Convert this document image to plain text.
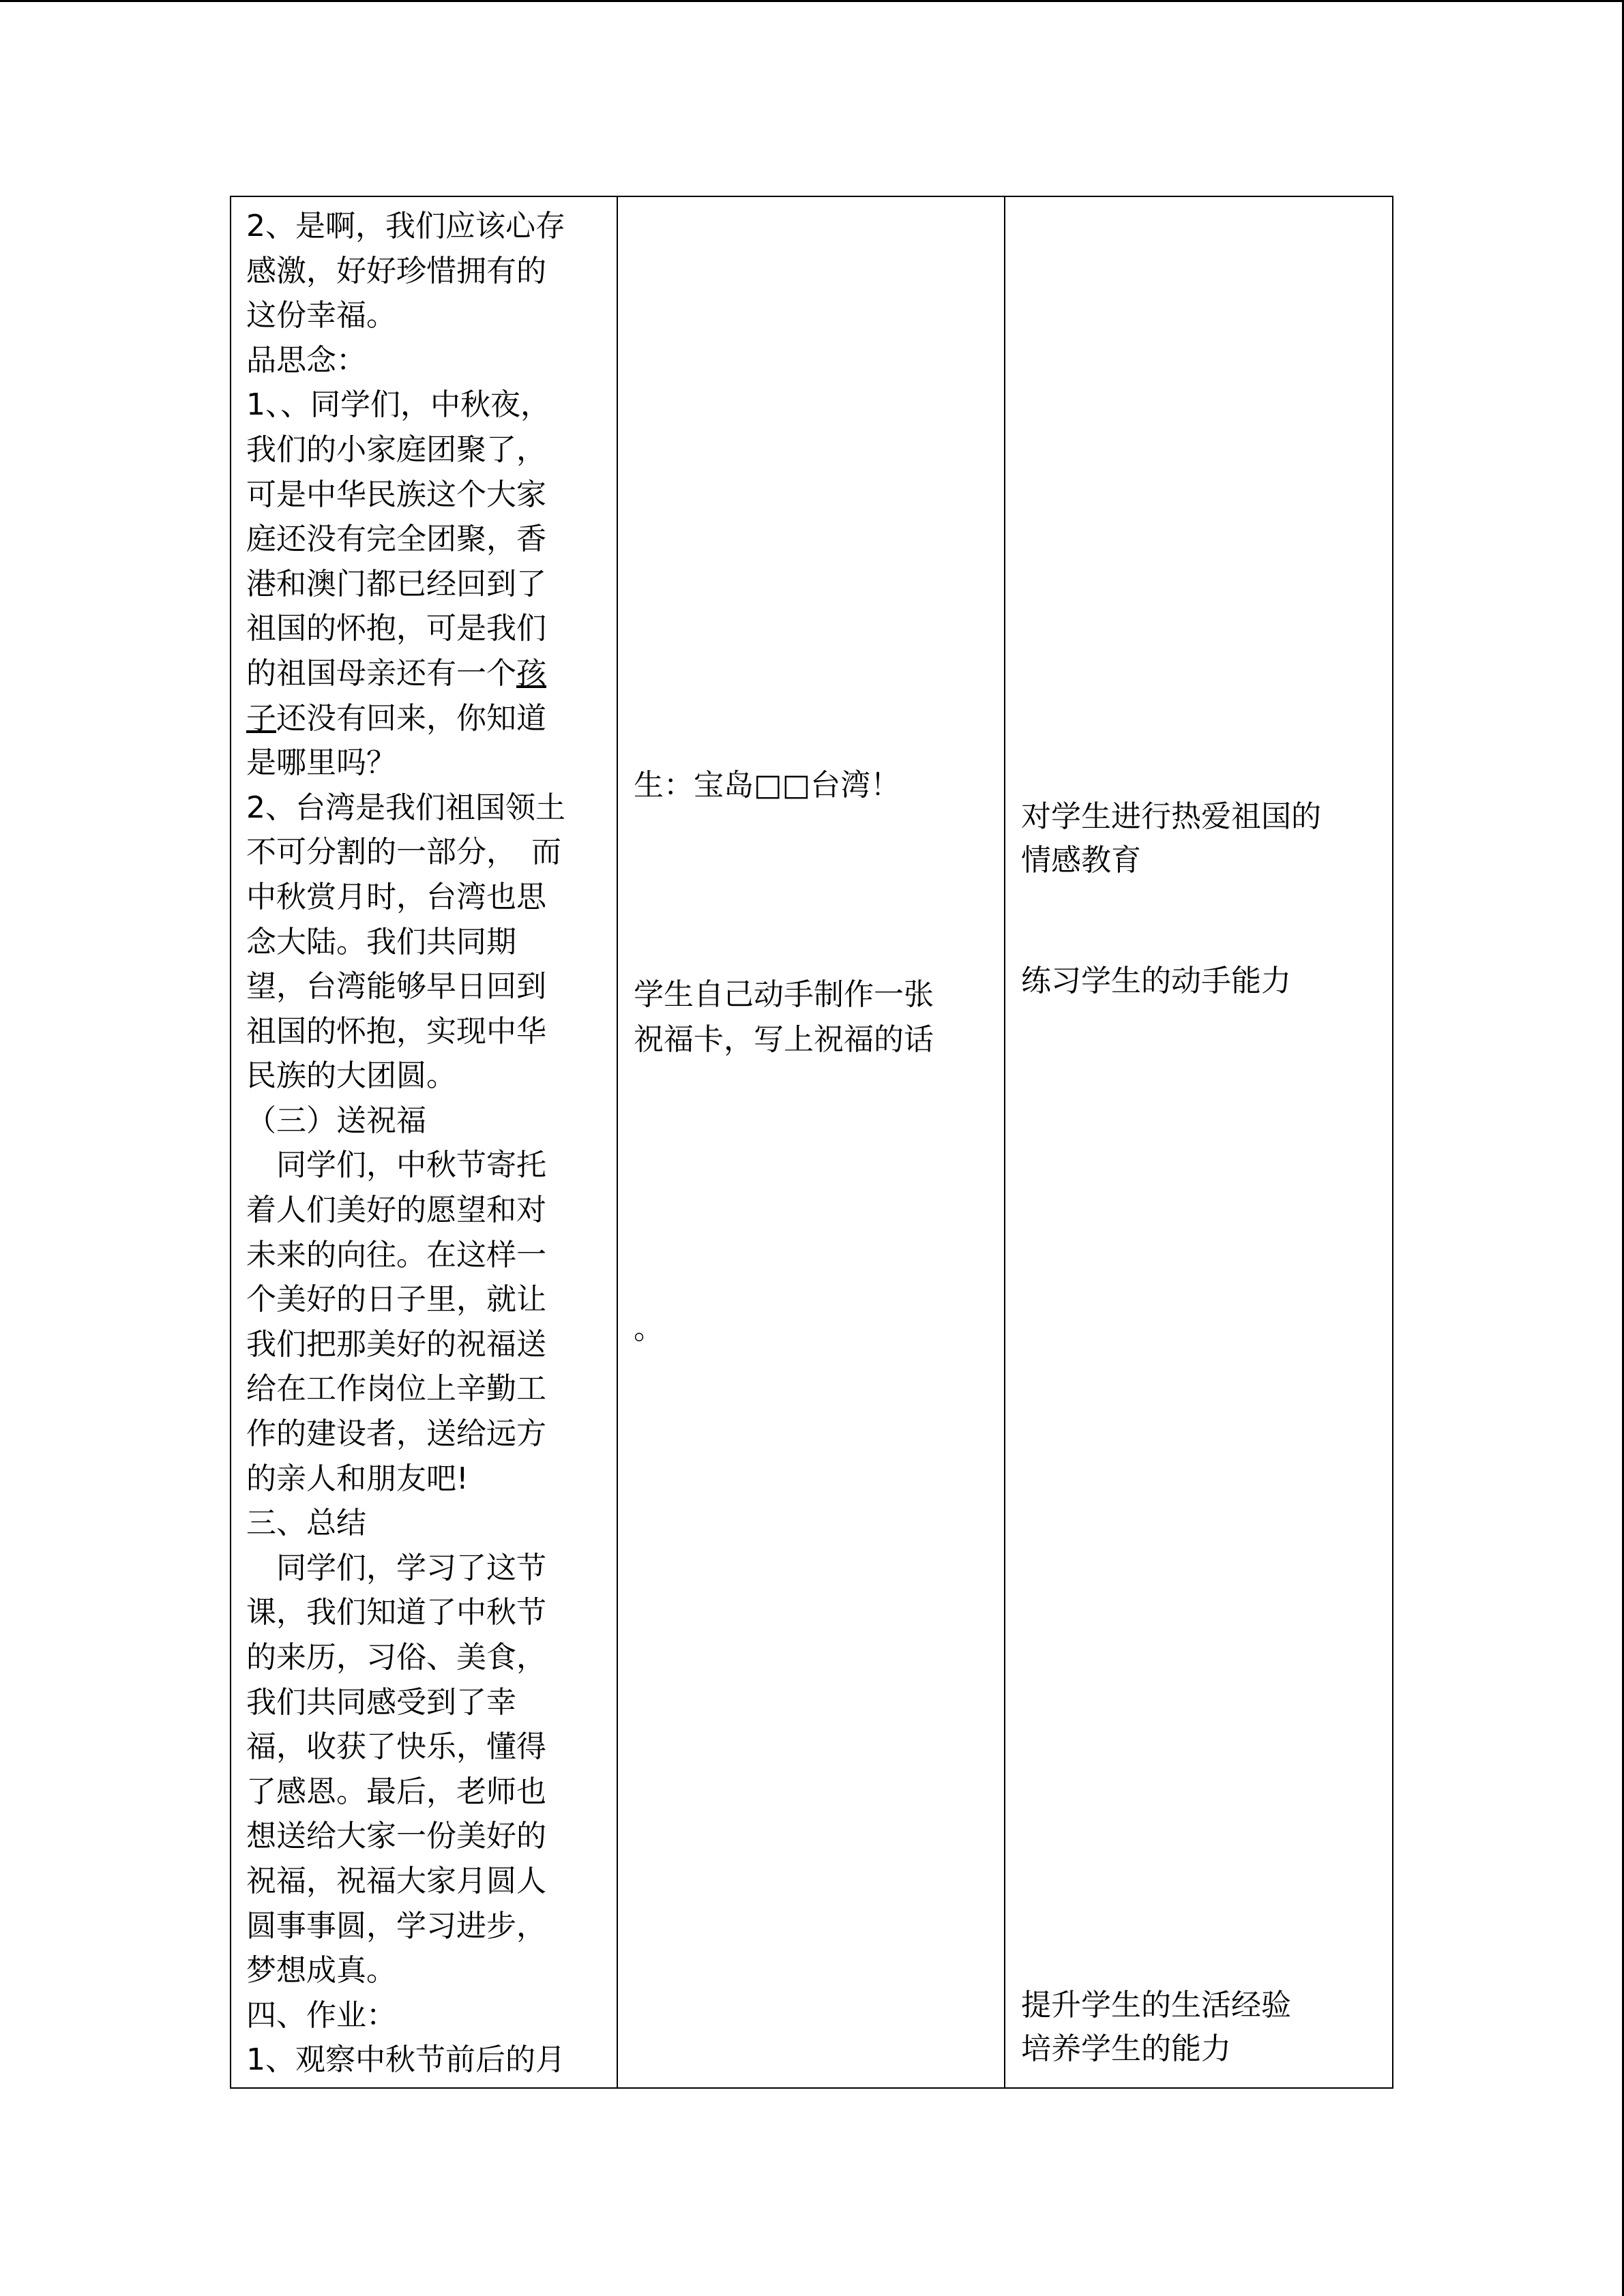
2、是啊，我们应该心存
感激，好好珍惜拥有的
这份幸福。
品思念：
1、、同学们，中秋夜，
我们的小家庭团聚了，
可是中华民族这个大家
庭还没有完全团聚，香
港和澳门都已经回到了
祖国的怀抱，可是我们
的祖国母亲还有一个孩
子还没有回来，你知道
是哪里吗？
2、台湾是我们祖国领土
不可分割的一部分，　而
中秋赏月时，台湾也思
念大陆。我们共同期
望，台湾能够早日回到
祖国的怀抱，实现中华
民族的大团圆。
（三）送祝福
　同学们，中秋节寄托
着人们美好的愿望和对
未来的向往。在这样一
个美好的日子里，就让
我们把那美好的祝福送
给在工作岗位上辛勤工
作的建设者，送给远方
的亲人和朋友吧!
三、总结
　同学们，学习了这节
课，我们知道了中秋节
的来历，习俗、美食，
我们共同感受到了幸
福，收获了快乐，懂得
了感恩。最后，老师也
想送给大家一份美好的
祝福，祝福大家月圆人
圆事事圆，学习进步，
梦想成真。
四、作业：
1、观察中秋节前后的月
生：宝岛□□台湾！
学生自己动手制作一张
祝福卡，写上祝福的话
。
对学生进行热爱祖国的
情感教育
练习学生的动手能力
提升学生的生活经验
培养学生的能力
